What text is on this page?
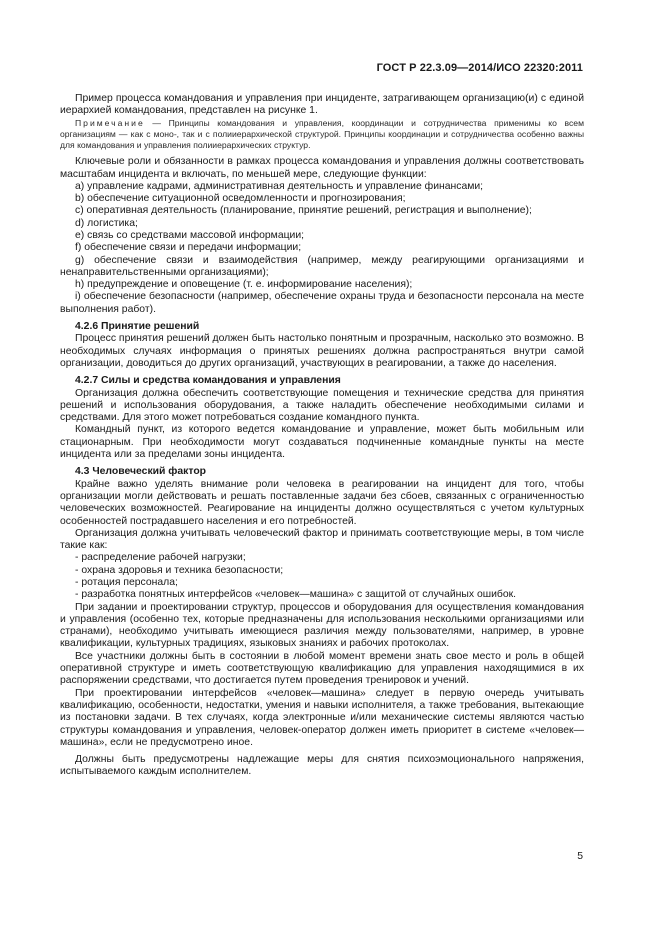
ГОСТ Р 22.3.09—2014/ИСО 22320:2011

Пример процесса командования и управления при инциденте, затрагивающем организацию(и) с единой иерархией командования, представлен на рисунке 1.

Примечание — Принципы командования и управления, координации и сотрудничества применимы ко всем организациям — как с моно-, так и с полииерархической структурой. Принципы координации и сотрудничества особенно важны для командования и управления полииерархических структур.

Ключевые роли и обязанности в рамках процесса командования и управления должны соответствовать масштабам инцидента и включать, по меньшей мере, следующие функции:

a) управление кадрами, административная деятельность и управление финансами;

b) обеспечение ситуационной осведомленности и прогнозирования;

c) оперативная деятельность (планирование, принятие решений, регистрация и выполнение);

d) логистика;

e) связь со средствами массовой информации;

f) обеспечение связи и передачи информации;

g) обеспечение связи и взаимодействия (например, между реагирующими организациями и ненаправительственными организациями);

h) предупреждение и оповещение (т. е. информирование населения);

i) обеспечение безопасности (например, обеспечение охраны труда и безопасности персонала на месте выполнения работ).

4.2.6 Принятие решений

Процесс принятия решений должен быть настолько понятным и прозрачным, насколько это возможно. В необходимых случаях информация о принятых решениях должна распространяться внутри самой организации, доводиться до других организаций, участвующих в реагировании, а также до населения.

4.2.7 Силы и средства командования и управления

Организация должна обеспечить соответствующие помещения и технические средства для принятия решений и использования оборудования, а также наладить обеспечение необходимыми силами и средствами. Для этого может потребоваться создание командного пункта.

Командный пункт, из которого ведется командование и управление, может быть мобильным или стационарным. При необходимости могут создаваться подчиненные командные пункты на месте инцидента или за пределами зоны инцидента.

4.3 Человеческий фактор

Крайне важно уделять внимание роли человека в реагировании на инцидент для того, чтобы организации могли действовать и решать поставленные задачи без сбоев, связанных с ограниченностью человеческих возможностей. Реагирование на инциденты должно осуществляться с учетом культурных особенностей пострадавшего населения и его потребностей.

Организация должна учитывать человеческий фактор и принимать соответствующие меры, в том числе такие как:

- распределение рабочей нагрузки;

- охрана здоровья и техника безопасности;

- ротация персонала;

- разработка понятных интерфейсов «человек—машина» с защитой от случайных ошибок.

При задании и проектировании структур, процессов и оборудования для осуществления командования и управления (особенно тех, которые предназначены для использования несколькими организациями или странами), необходимо учитывать имеющиеся различия между пользователями, например, в уровне квалификации, культурных традициях, языковых знаниях и рабочих протоколах.

Все участники должны быть в состоянии в любой момент времени знать свое место и роль в общей оперативной структуре и иметь соответствующую квалификацию для управления находящимися в их распоряжении средствами, что достигается путем проведения тренировок и учений.

При проектировании интерфейсов «человек—машина» следует в первую очередь учитывать квалификацию, особенности, недостатки, умения и навыки исполнителя, а также требования, вытекающие из постановки задачи. В тех случаях, когда электронные и/или механические системы являются частью структуры командования и управления, человек-оператор должен иметь приоритет в системе «человек—машина», если не предусмотрено иное.

Должны быть предусмотрены надлежащие меры для снятия психоэмоционального напряжения, испытываемого каждым исполнителем.

5
